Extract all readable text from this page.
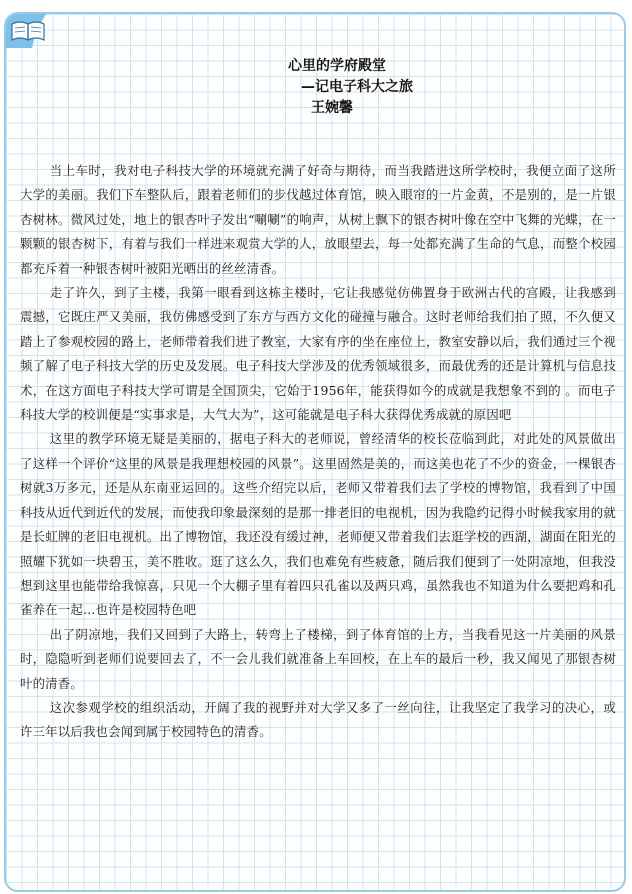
心里的学府殿堂
—记电子科大之旅
王婉馨

当上车时，我对电子科技大学的环境就充满了好奇与期待，而当我踏进这所学校时，我便立面了这所大学的美丽。我们下车整队后，跟着老师们的步伐越过体育馆，映入眼帘的一片金黄，不是别的，是一片银杏树林。微风过处，地上的银杏叶子发出“唰唰”的响声，从树上飘下的银杏树叶像在空中飞舞的光蝶，在一颗颗的银杏树下，有着与我们一样进来观赏大学的人，放眼望去，每一处都充满了生命的气息，而整个校园都充斥着一种银杏树叶被阳光晒出的丝丝清香。

走了许久，到了主楼，我第一眼看到这栋主楼时，它让我感觉仿佛置身于欧洲古代的宫殿，让我感到震撼，它既庄严又美丽，我仿佛感受到了东方与西方文化的碰撞与融合。这时老师给我们拍了照，不久便又踏上了参观校园的路上，老师带着我们进了教室，大家有序的坐在座位上，教室安静以后，我们通过三个视频了解了电子科技大学的历史及发展。电子科技大学涉及的优秀领域很多，而最优秀的还是计算机与信息技术，在这方面电子科技大学可谓是全国顶尖，它始于1956年，能获得如今的成就是我想象不到的 。而电子科技大学的校训便是“实事求是，大气大为”，这可能就是电子科大获得优秀成就的原因吧

这里的教学环境无疑是美丽的，据电子科大的老师说，曾经清华的校长莅临到此，对此处的风景做出了这样一个评价“这里的风景是我理想校园的风景”。这里固然是美的，而这美也花了不少的资金，一棵银杏树就3万多元，还是从东南亚运回的。这些介绍完以后，老师又带着我们去了学校的博物馆，我看到了中国科技从近代到近代的发展，而使我印象最深刻的是那一排老旧的电视机，因为我隐约记得小时候我家用的就是长虹牌的老旧电视机。出了博物馆，我还没有缓过神，老师便又带着我们去逛学校的西湖，湖面在阳光的照耀下犹如一块碧玉，美不胜收。逛了这么久，我们也难免有些疲惫，随后我们便到了一处阴凉地，但我没想到这里也能带给我惊喜，只见一个大棚子里有着四只孔雀以及两只鸡，虽然我也不知道为什么要把鸡和孔雀养在一起…也许是校园特色吧

出了阴凉地，我们又回到了大路上，转弯上了楼梯，到了体育馆的上方，当我看见这一片美丽的风景时，隐隐听到老师们说要回去了，不一会儿我们就准备上车回校，在上车的最后一秒，我又闻见了那银杏树叶的清香。

这次参观学校的组织活动，开阔了我的视野并对大学又多了一丝向往，让我坚定了我学习的决心，或许三年以后我也会闻到属于校园特色的清香。
